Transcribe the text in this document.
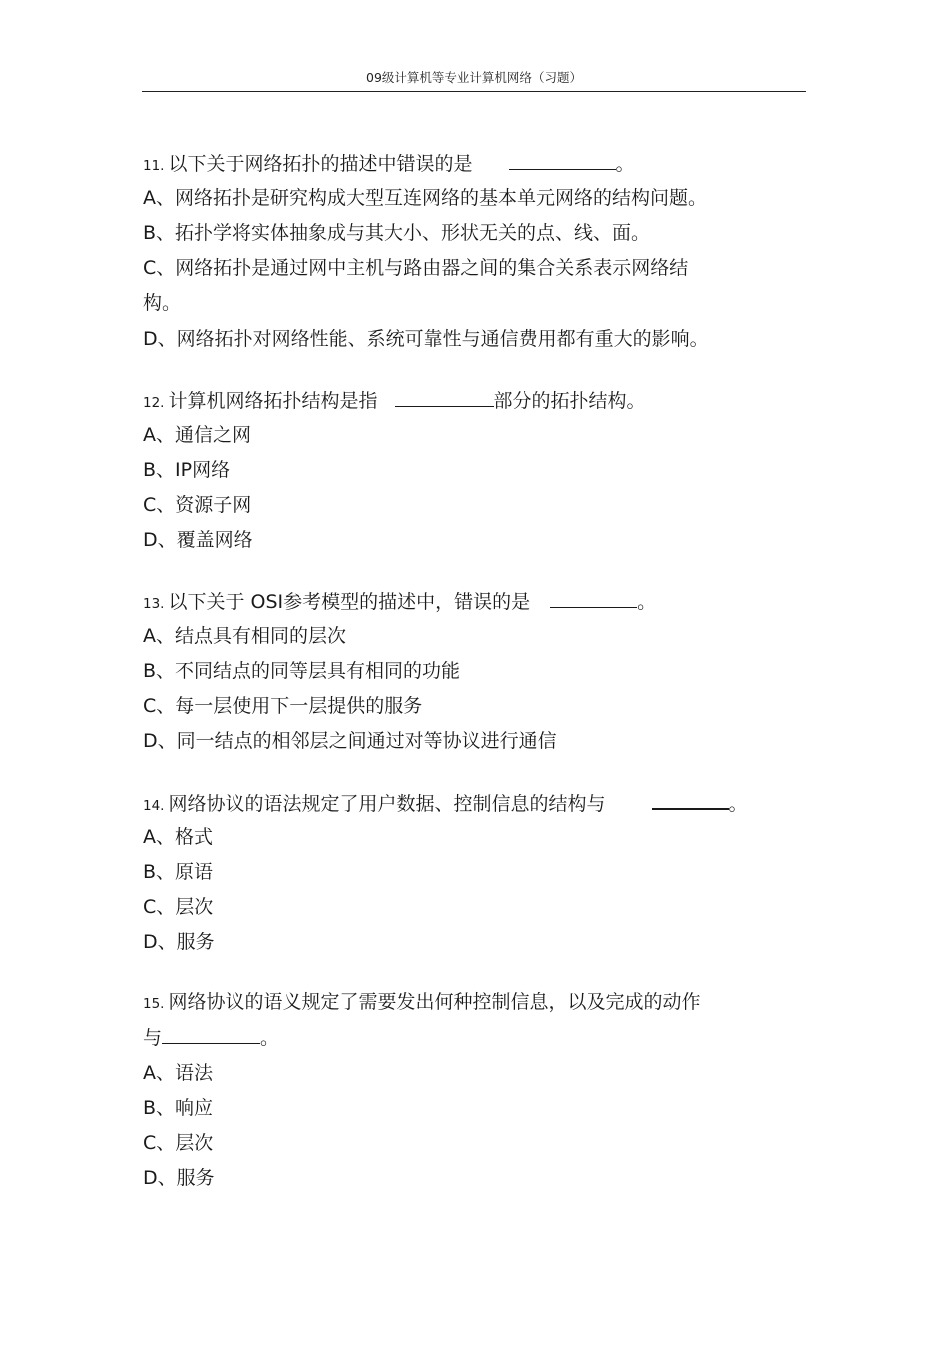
09级计算机等专业计算机网络（习题）
11. 以下关于网络拓扑的描述中错误的是	。
A、网络拓扑是研究构成大型互连网络的基本单元网络的结构问题。
B、拓扑学将实体抽象成与其大小、形状无关的点、线、面。
C、网络拓扑是通过网中主机与路由器之间的集合关系表示网络结
构。
D、网络拓扑对网络性能、系统可靠性与通信费用都有重大的影响。
12. 计算机网络拓扑结构是指	部分的拓扑结构。
A、通信之网
B、IP网络
C、资源子网
D、覆盖网络
13. 以下关于 OSI参考模型的描述中，错误的是	。
A、结点具有相同的层次
B、不同结点的同等层具有相同的功能
C、每一层使用下一层提供的服务
D、同一结点的相邻层之间通过对等协议进行通信
14. 网络协议的语法规定了用户数据、控制信息的结构与	。
A、格式
B、原语
C、层次
D、服务
15. 网络协议的语义规定了需要发出何种控制信息，以及完成的动作
与	。
A、语法
B、响应
C、层次
D、服务
